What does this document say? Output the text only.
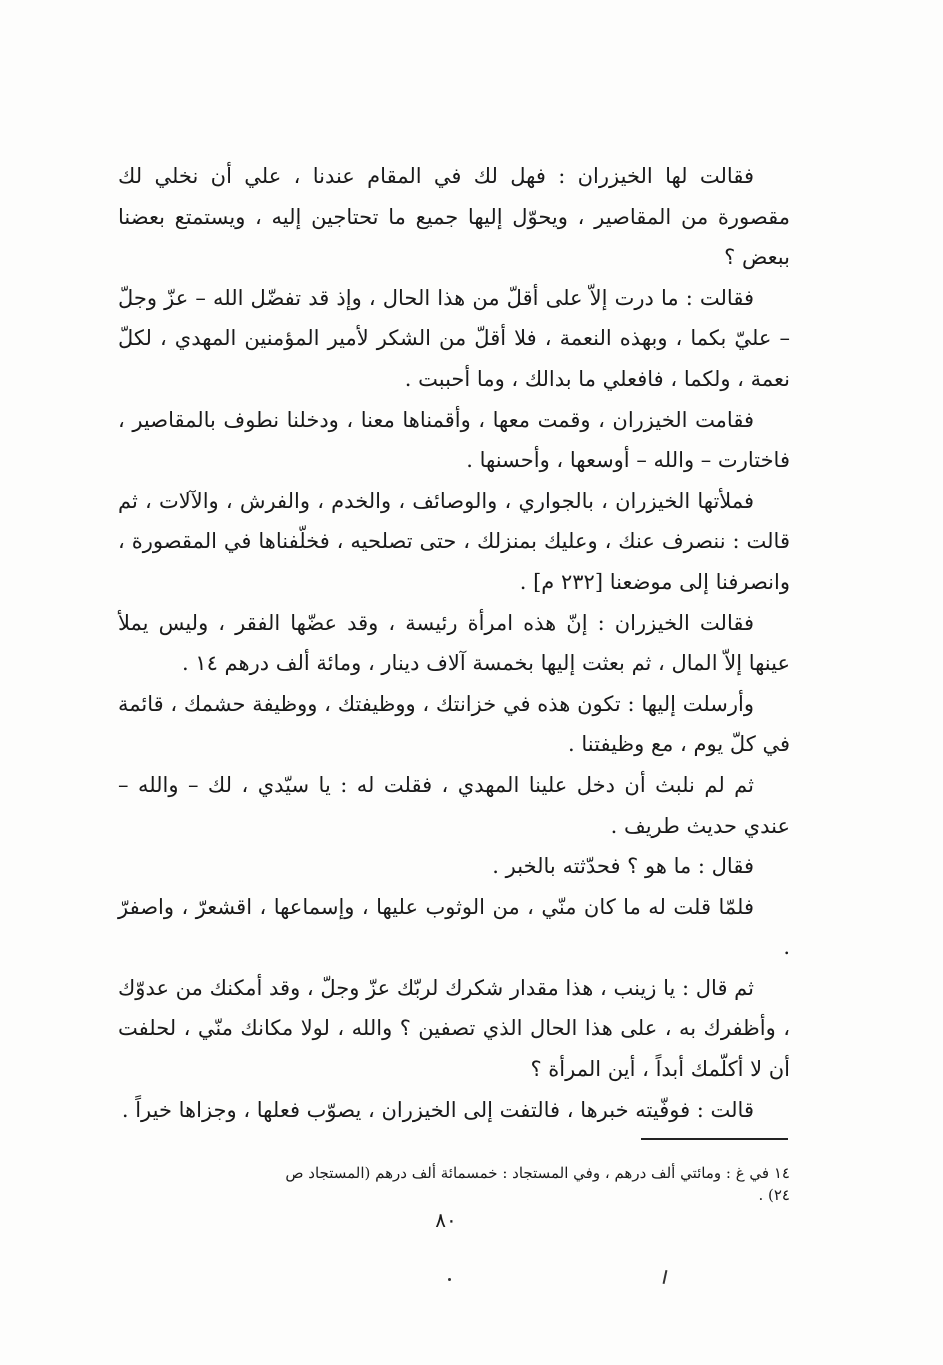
فقالت لها الخيزران : فهل لك في المقام عندنا ، علي أن نخلي لك مقصورة من المقاصير ، ويحوّل إليها جميع ما تحتاجين إليه ، ويستمتع بعضنا ببعض ؟

فقالت : ما درت إلاّ على أقلّ من هذا الحال ، وإذ قد تفضّل الله – عزّ وجلّ – عليّ بكما ، وبهذه النعمة ، فلا أقلّ من الشكر لأمير المؤمنين المهدي ، لكلّ نعمة ، ولكما ، فافعلي ما بدالك ، وما أحببت .

فقامت الخيزران ، وقمت معها ، وأقمناها معنا ، ودخلنا نطوف بالمقاصير ، فاختارت – والله – أوسعها ، وأحسنها .

فملأتها الخيزران ، بالجواري ، والوصائف ، والخدم ، والفرش ، والآلات ، ثم قالت : ننصرف عنك ، وعليك بمنزلك ، حتى تصلحيه ، فخلّفناها في المقصورة ، وانصرفنا إلى موضعنا [٢٣٢ م] .

فقالت الخيزران : إنّ هذه امرأة رئيسة ، وقد عضّها الفقر ، وليس يملأ عينها إلاّ المال ، ثم بعثت إليها بخمسة آلاف دينار ، ومائة ألف درهم ١٤ .

وأرسلت إليها : تكون هذه في خزانتك ، ووظيفتك ، ووظيفة حشمك ، قائمة في كلّ يوم ، مع وظيفتنا .

ثم لم نلبث أن دخل علينا المهدي ، فقلت له : يا سيّدي ، لك – والله – عندي حديث طريف .

فقال : ما هو ؟ فحدّثته بالخبر .

فلمّا قلت له ما كان منّي ، من الوثوب عليها ، وإسماعها ، اقشعرّ ، واصفرّ .

ثم قال : يا زينب ، هذا مقدار شكرك لربّك عزّ وجلّ ، وقد أمكنك من عدوّك ، وأظفرك به ، على هذا الحال الذي تصفين ؟ والله ، لولا مكانك منّي ، لحلفت أن لا أكلّمك أبداً ، أين المرأة ؟

قالت : فوفّيته خبرها ، فالتفت إلى الخيزران ، يصوّب فعلها ، وجزاها خيراً .

١٤ في غ : ومائتي ألف درهم ، وفي المستجاد : خمسمائة ألف درهم (المستجاد ص ٢٤) .
٨٠
